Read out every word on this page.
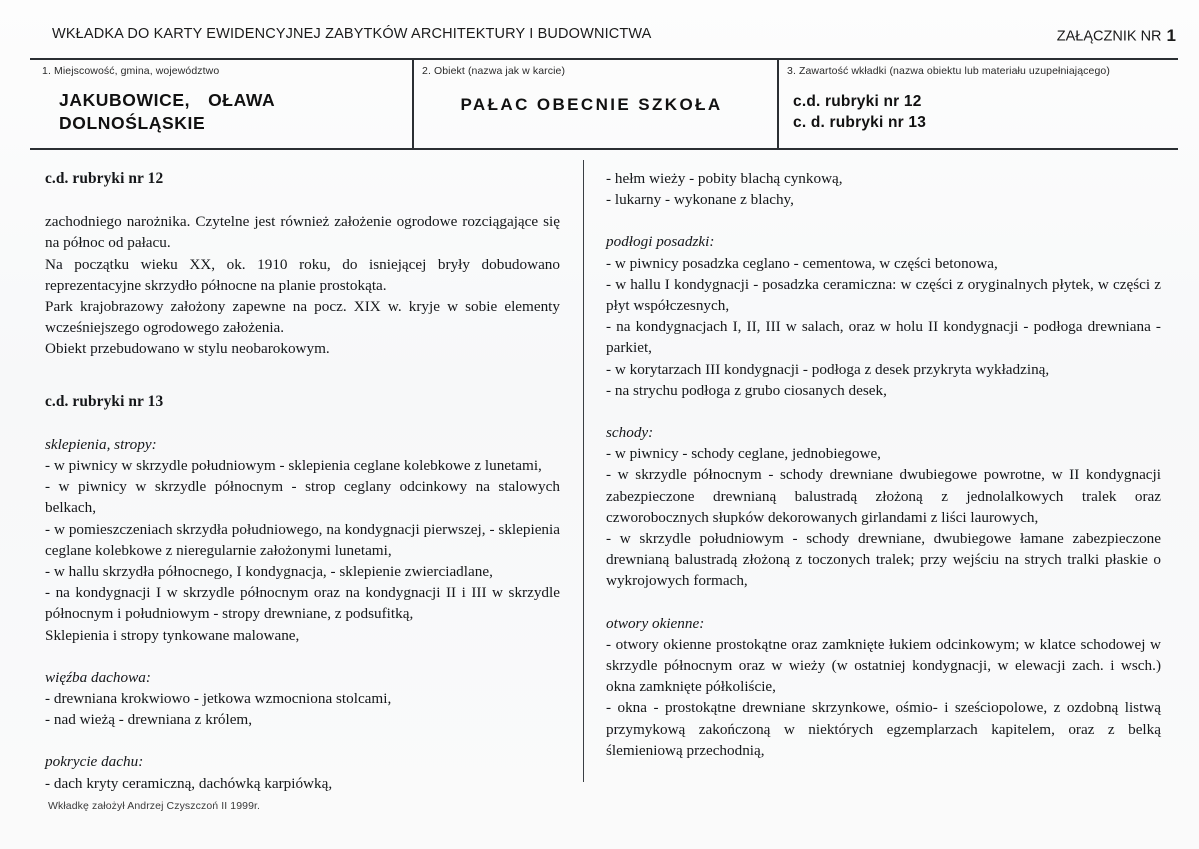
WKŁADKA DO KARTY EWIDENCYJNEJ ZABYTKÓW ARCHITEKTURY I BUDOWNICTWA	ZAŁĄCZNIK NR 1
1. Miejscowość, gmina, województwo
JAKUBOWICE, OŁAWA
DOLNOŚLĄSKIE
2. Obiekt (nazwa jak w karcie)
PAŁAC OBECNIE SZKOŁA
3. Zawartość wkładki (nazwa obiektu lub materiału uzupełniającego)
c.d. rubryki nr 12
c. d. rubryki nr 13

c.d. rubryki nr 12

zachodniego narożnika. Czytelne jest również założenie ogrodowe rozciągające się na północ od pałacu.
Na początku wieku XX, ok. 1910 roku, do isniejącej bryły dobudowano reprezentacyjne skrzydło północne na planie prostokąta.
Park krajobrazowy założony zapewne na pocz. XIX w. kryje w sobie elementy wcześniejszego ogrodowego założenia.
Obiekt przebudowano w stylu neobarokowym.

c.d. rubryki nr 13

sklepienia, stropy:

- w piwnicy w skrzydle południowym - sklepienia ceglane kolebkowe z lunetami,
- w piwnicy w skrzydle północnym - strop ceglany odcinkowy na stalowych belkach,
- w pomieszczeniach skrzydła południowego, na kondygnacji pierwszej, - sklepienia ceglane kolebkowe z nieregularnie założonymi lunetami,
- w hallu skrzydła północnego, I kondygnacja, - sklepienie zwierciadlane,
- na kondygnacji I w skrzydle północnym oraz na kondygnacji II i III w skrzydle północnym i południowym - stropy drewniane, z podsufitką,
Sklepienia i stropy tynkowane malowane,

więźba dachowa:

- drewniana krokwiowo - jetkowa wzmocniona stolcami,
- nad wieżą - drewniana z królem,

pokrycie dachu:

- dach kryty ceramiczną, dachówką karpiówką,

- hełm wieży - pobity blachą cynkową,
- lukarny - wykonane z blachy,

podłogi posadzki:

- w piwnicy posadzka ceglano - cementowa, w części betonowa,
- w hallu I kondygnacji - posadzka ceramiczna: w części z oryginalnych płytek, w części z płyt współczesnych,
- na kondygnacjach I, II, III w salach, oraz w holu II kondygnacji - podłoga drewniana - parkiet,
- w korytarzach III kondygnacji - podłoga z desek przykryta wykładziną,
- na strychu podłoga z grubo ciosanych desek,

schody:

- w piwnicy - schody ceglane, jednobiegowe,
- w skrzydle północnym - schody drewniane dwubiegowe powrotne, w II kondygnacji zabezpieczone drewnianą balustradą złożoną z jednolalkowych tralek oraz czworobocznych słupków dekorowanych girlandami z liści laurowych,
- w skrzydle południowym - schody drewniane, dwubiegowe łamane zabezpieczone drewnianą balustradą złożoną z toczonych tralek; przy wejściu na strych tralki płaskie o wykrojowych formach,

otwory okienne:

- otwory okienne prostokątne oraz zamknięte łukiem odcinkowym; w klatce schodowej w skrzydle północnym oraz w wieży (w ostatniej kondygnacji, w elewacji zach. i wsch.) okna zamknięte półkoliście,
- okna - prostokątne drewniane skrzynkowe, ośmio- i sześciopolowe, z ozdobną listwą przymykową zakończoną w niektórych egzemplarzach kapitelem, oraz z belką ślemieniową przechodnią,

Wkładkę założył Andrzej Czyszczoń II 1999r.
